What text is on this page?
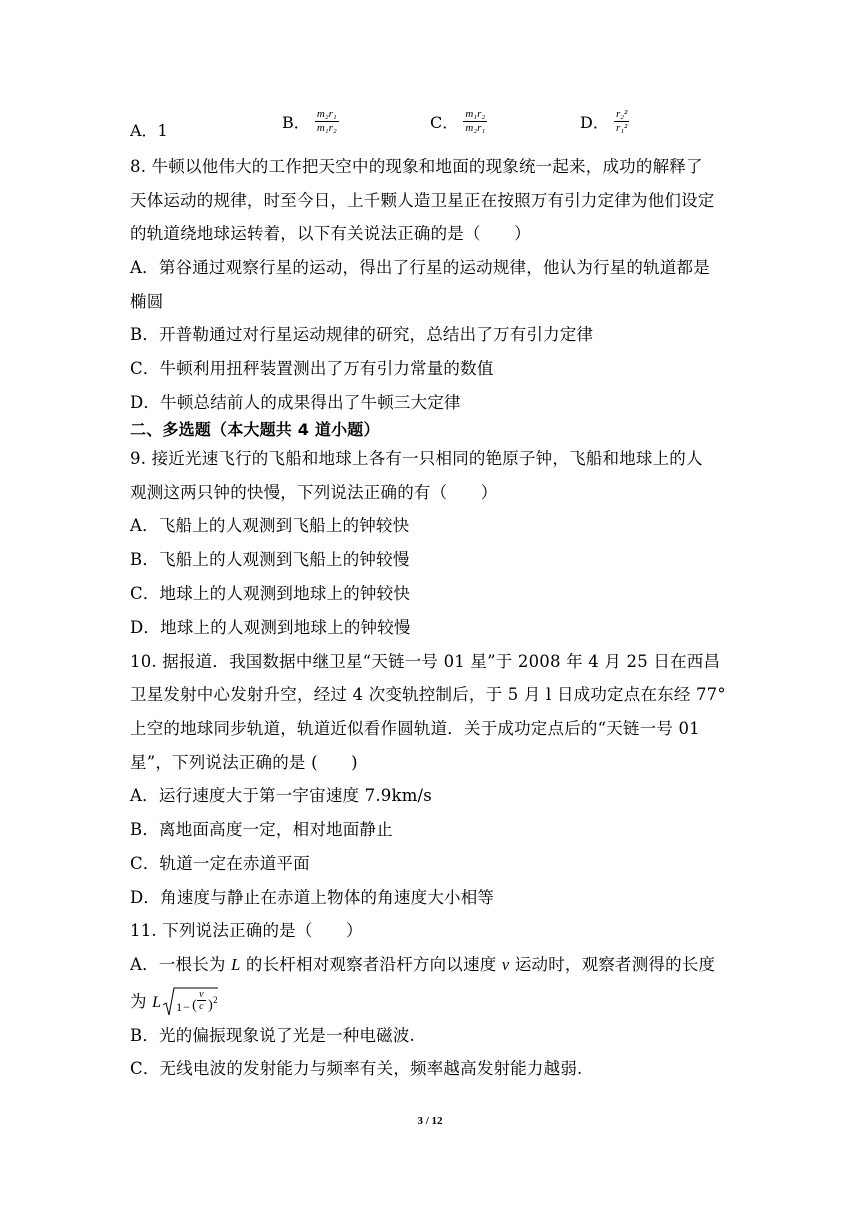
A．1	B． $\frac{\text{m₂r₁}}{\text{m₁r₂}}$	C． $\frac{\text{m₁r₂}}{\text{m₂r₁}}$	D． $\frac{\text{r₂²}}{\text{r₁²}}$
8. 牛顿以他伟大的工作把天空中的现象和地面的现象统一起来，成功的解释了
天体运动的规律，时至今日，上千颗人造卫星正在按照万有引力定律为他们设定
的轨道绕地球运转着，以下有关说法正确的是（　　）
A．第谷通过观察行星的运动，得出了行星的运动规律，他认为行星的轨道都是
椭圆
B．开普勒通过对行星运动规律的研究，总结出了万有引力定律
C．牛顿利用扭秤装置测出了万有引力常量的数值
D．牛顿总结前人的成果得出了牛顿三大定律
二、多选题（本大题共 4 道小题）
9. 接近光速飞行的飞船和地球上各有一只相同的铯原子钟，飞船和地球上的人
观测这两只钟的快慢，下列说法正确的有（　　）
A．飞船上的人观测到飞船上的钟较快
B．飞船上的人观测到飞船上的钟较慢
C．地球上的人观测到地球上的钟较快
D．地球上的人观测到地球上的钟较慢
10. 据报道．我国数据中继卫星“天链一号 01 星”于 2008 年 4 月 25 日在西昌
卫星发射中心发射升空，经过 4 次变轨控制后，于 5 月 l 日成功定点在东经 77°
上空的地球同步轨道，轨道近似看作圆轨道．关于成功定点后的“天链一号 01
星”，下列说法正确的是 (　　)
A．运行速度大于第一宇宙速度 7.9km/s
B．离地面高度一定，相对地面静止
C．轨道一定在赤道平面
D．角速度与静止在赤道上物体的角速度大小相等
11. 下列说法正确的是（　　）
A．一根长为 L 的长杆相对观察者沿杆方向以速度 v 运动时，观察者测得的长度
为 L 1 − ( $\frac{v}{c}$ ) 2
B．光的偏振现象说了光是一种电磁波.
C．无线电波的发射能力与频率有关，频率越高发射能力越弱.
3 / 12
